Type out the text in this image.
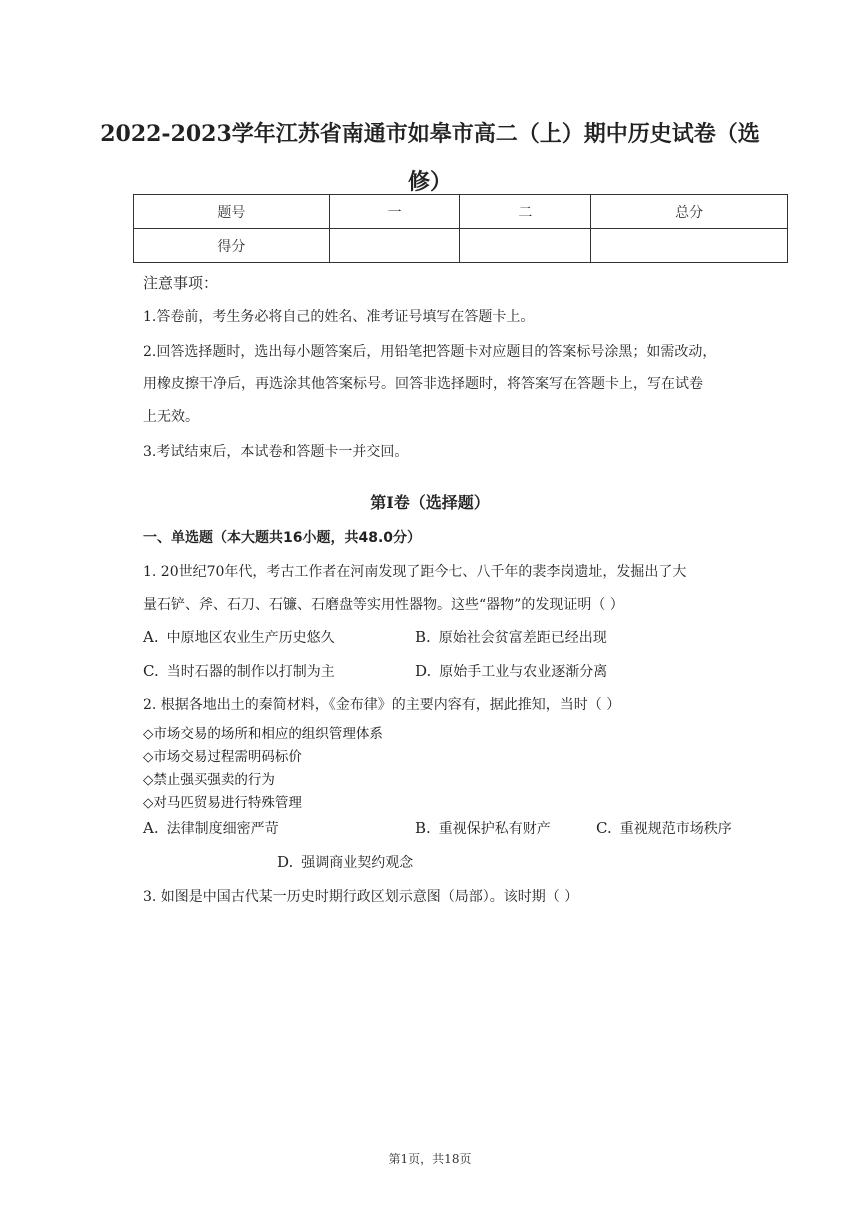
2022-2023学年江苏省南通市如皋市高二（上）期中历史试卷（选
修）
题号	一	二	总分
得分			
注意事项：
1.答卷前，考生务必将自己的姓名、准考证号填写在答题卡上。
2.回答选择题时，选出每小题答案后，用铅笔把答题卡对应题目的答案标号涂黑；如需改动，
用橡皮擦干净后，再选涂其他答案标号。回答非选择题时，将答案写在答题卡上，写在试卷
上无效。
3.考试结束后，本试卷和答题卡一并交回。
第I卷（选择题）
一、单选题（本大题共16小题，共48.0分）
1. 20世纪70年代，考古工作者在河南发现了距今七、八千年的裴李岗遗址，发掘出了大
量石铲、斧、石刀、石镰、石磨盘等实用性器物。这些“器物”的发现证明（ ）
A. 中原地区农业生产历史悠久	B. 原始社会贫富差距已经出现
C. 当时石器的制作以打制为主	D. 原始手工业与农业逐渐分离
2. 根据各地出土的秦简材料，《金布律》的主要内容有，据此推知，当时（ ）
◇市场交易的场所和相应的组织管理体系
◇市场交易过程需明码标价
◇禁止强买强卖的行为
◇对马匹贸易进行特殊管理
A. 法律制度细密严苛	B. 重视保护私有财产	C. 重视规范市场秩序
D. 强调商业契约观念
3. 如图是中国古代某一历史时期行政区划示意图（局部）。该时期（ ）
第1页，共18页
